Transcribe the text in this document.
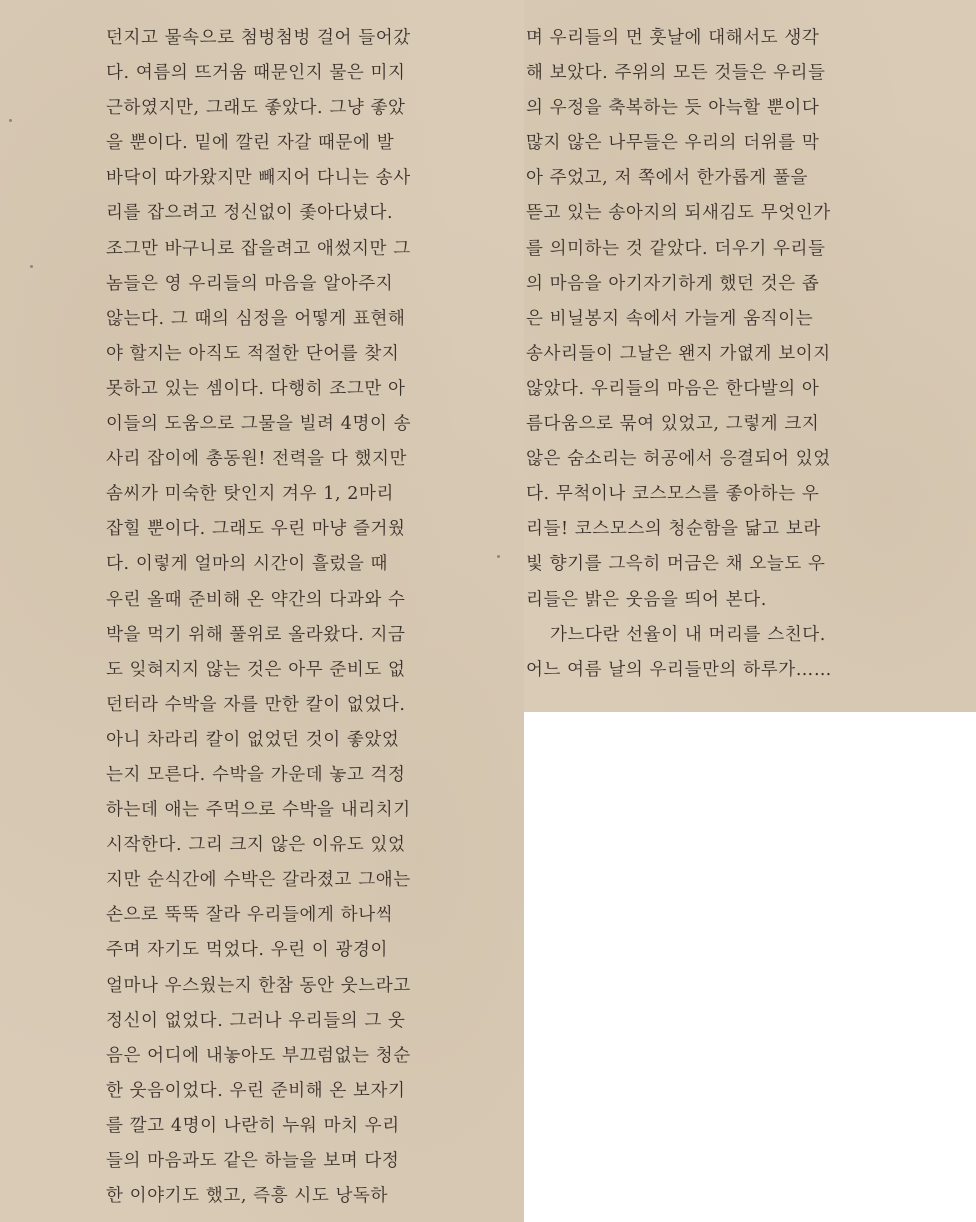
던지고 물속으로 첨벙첨벙 걸어 들어갔
다. 여름의 뜨거움 때문인지 물은 미지
근하였지만, 그래도 좋았다. 그냥 좋았
을 뿐이다. 밑에 깔린 자갈 때문에 발
바닥이 따가왔지만 빼지어 다니는 송사
리를 잡으려고 정신없이 좇아다녔다.
조그만 바구니로 잡을려고 애썼지만 그
놈들은 영 우리들의 마음을 알아주지
않는다. 그 때의 심정을 어떻게 표현해
야 할지는 아직도 적절한 단어를 찾지
못하고 있는 셈이다. 다행히 조그만 아
이들의 도움으로 그물을 빌려 4명이 송
사리 잡이에 총동원! 전력을 다 했지만
솜씨가 미숙한 탓인지 겨우 1, 2마리
잡힐 뿐이다. 그래도 우린 마냥 즐거웠
다. 이렇게 얼마의 시간이 흘렀을 때
우린 올때 준비해 온 약간의 다과와 수
박을 먹기 위해 풀위로 올라왔다. 지금
도 잊혀지지 않는 것은 아무 준비도 없
던터라 수박을 자를 만한 칼이 없었다.
아니 차라리 칼이 없었던 것이 좋았었
는지 모른다. 수박을 가운데 놓고 걱정
하는데 애는 주먹으로 수박을 내리치기
시작한다. 그리 크지 않은 이유도 있었
지만 순식간에 수박은 갈라졌고 그애는
손으로 뚝뚝 잘라 우리들에게 하나씩
주며 자기도 먹었다. 우린 이 광경이
얼마나 우스웠는지 한참 동안 웃느라고
정신이 없었다. 그러나 우리들의 그 웃
음은 어디에 내놓아도 부끄럼없는 청순
한 웃음이었다. 우린 준비해 온 보자기
를 깔고 4명이 나란히 누워 마치 우리
들의 마음과도 같은 하늘을 보며 다정
한 이야기도 했고, 즉흥 시도 낭독하
며 우리들의 먼 훗날에 대해서도 생각
해 보았다. 주위의 모든 것들은 우리들
의 우정을 축복하는 듯 아늑할 뿐이다
많지 않은 나무들은 우리의 더위를 막
아 주었고, 저 쪽에서 한가롭게 풀을
뜯고 있는 송아지의 되새김도 무엇인가
를 의미하는 것 같았다. 더우기 우리들
의 마음을 아기자기하게 했던 것은 좁
은 비닐봉지 속에서 가늘게 움직이는
송사리들이 그날은 왠지 가엾게 보이지
않았다. 우리들의 마음은 한다발의 아
름다움으로 묶여 있었고, 그렇게 크지
않은 숨소리는 허공에서 응결되어 있었
다. 무척이나 코스모스를 좋아하는 우
리들! 코스모스의 청순함을 닮고 보라
빛 향기를 그윽히 머금은 채 오늘도 우
리들은 밝은 웃음을 띄어 본다.
가느다란 선율이 내 머리를 스친다.
어느 여름 날의 우리들만의 하루가……
